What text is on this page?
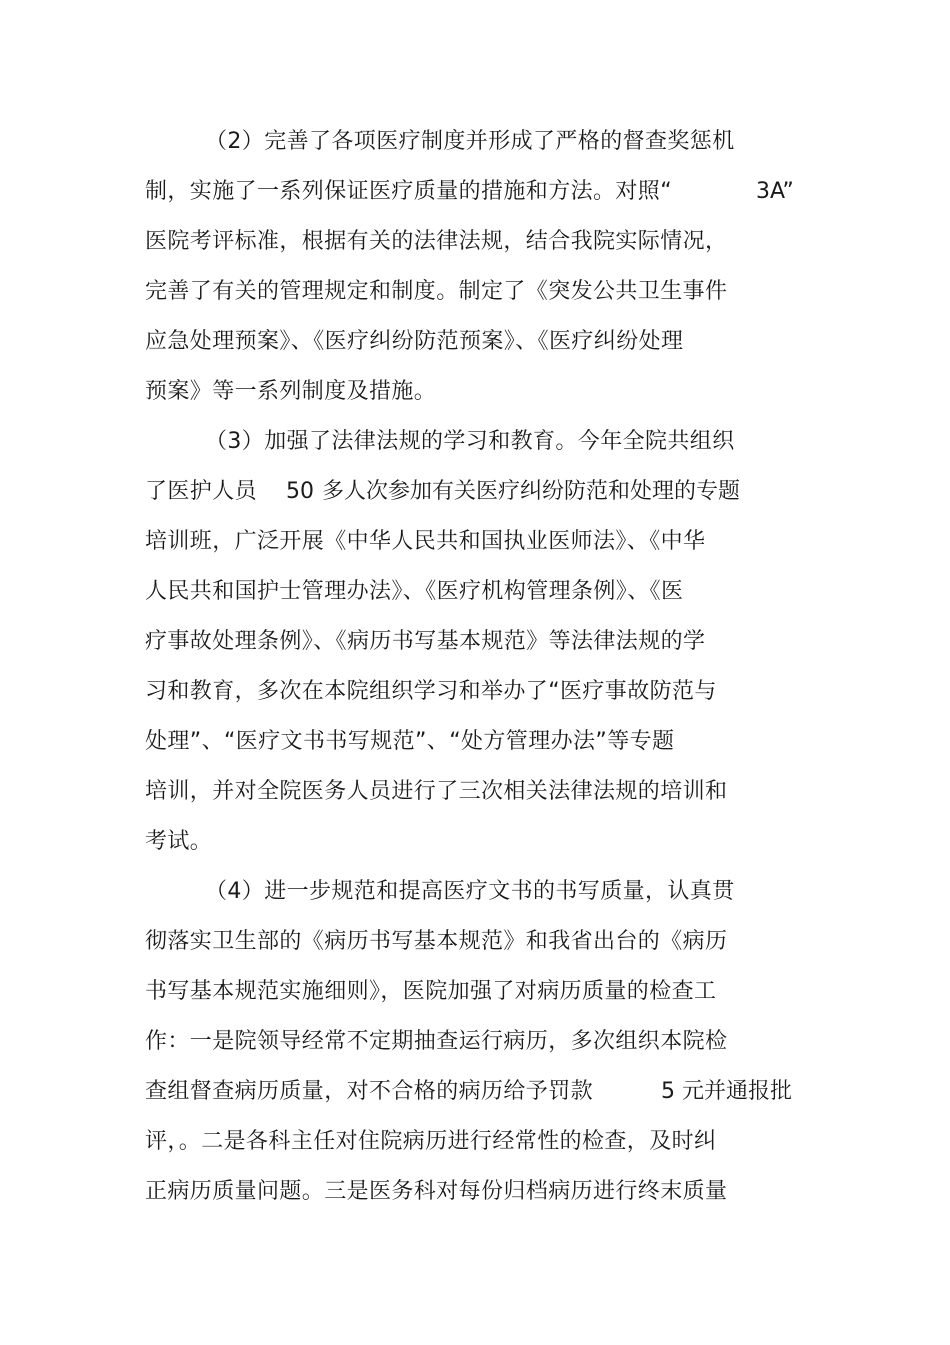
（2）完善了各项医疗制度并形成了严格的督查奖惩机
制，实施了一系列保证医疗质量的措施和方法。对照“	3A”
医院考评标准，根据有关的法律法规，结合我院实际情况，
完善了有关的管理规定和制度。制定了《突发公共卫生事件
应急处理预案》、《医疗纠纷防范预案》、《医疗纠纷处理
预案》等一系列制度及措施。
（3）加强了法律法规的学习和教育。今年全院共组织
了医护人员 50 多人次参加有关医疗纠纷防范和处理的专题
培训班，广泛开展《中华人民共和国执业医师法》、《中华
人民共和国护士管理办法》、《医疗机构管理条例》、《医
疗事故处理条例》、《病历书写基本规范》等法律法规的学
习和教育，多次在本院组织学习和举办了“医疗事故防范与
处理”、“医疗文书书写规范”、“处方管理办法”等专题
培训，并对全院医务人员进行了三次相关法律法规的培训和
考试。
（4）进一步规范和提高医疗文书的书写质量，认真贯
彻落实卫生部的《病历书写基本规范》和我省出台的《病历
书写基本规范实施细则》，医院加强了对病历质量的检查工
作：一是院领导经常不定期抽查运行病历，多次组织本院检
查组督查病历质量，对不合格的病历给予罚款	5 元并通报批
评，。二是各科主任对住院病历进行经常性的检查，及时纠
正病历质量问题。三是医务科对每份归档病历进行终末质量
